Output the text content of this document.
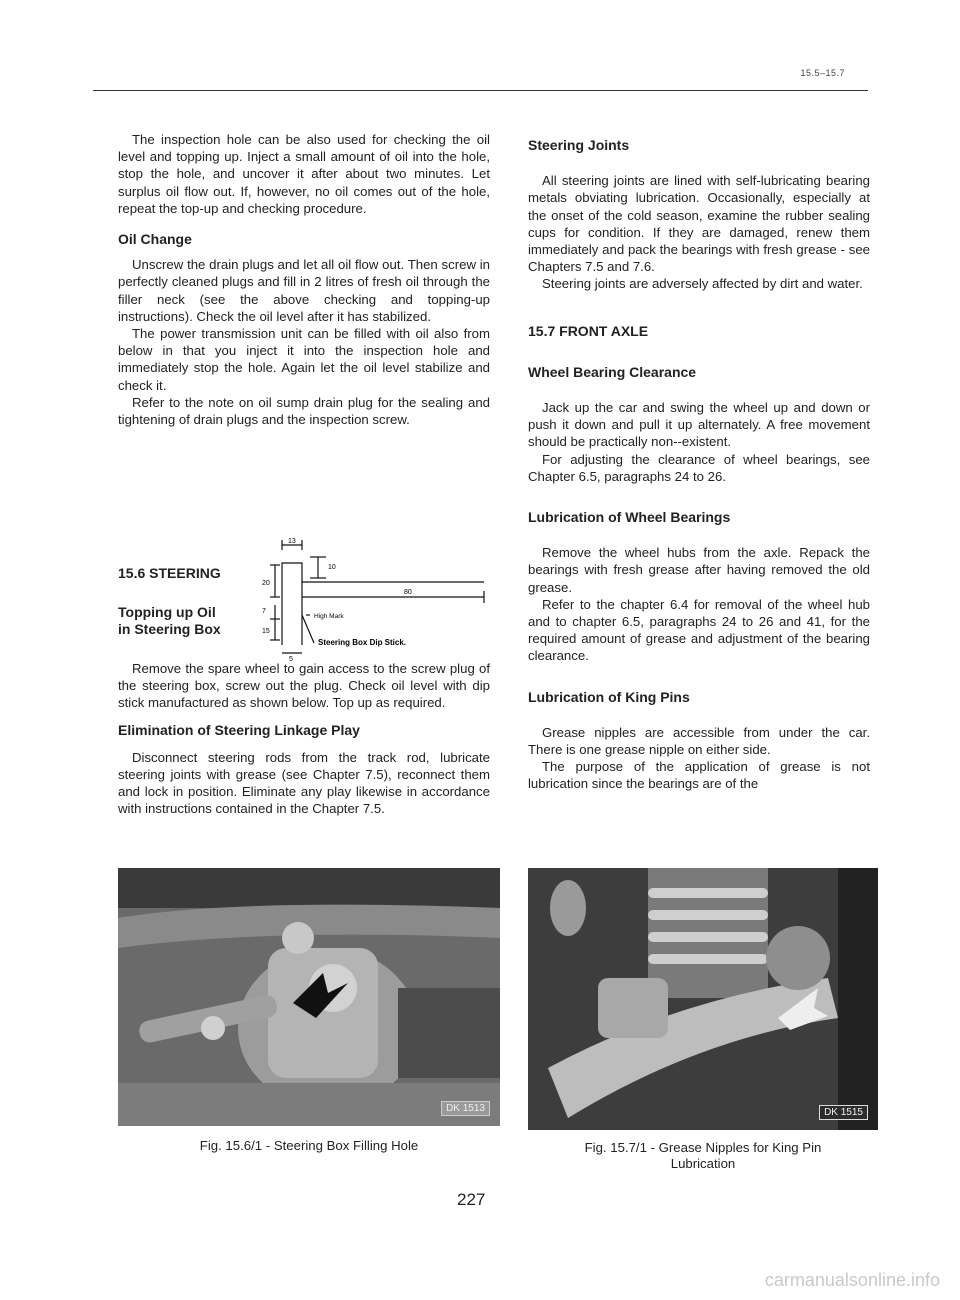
15.5–15.7

The inspection hole can be also used for checking the oil level and topping up. Inject a small amount of oil into the hole, stop the hole, and uncover it after about two minutes. Let surplus oil flow out. If, however, no oil comes out of the hole, repeat the top-up and checking procedure.

Oil Change

Unscrew the drain plugs and let all oil flow out. Then screw in perfectly cleaned plugs and fill in 2 litres of fresh oil through the filler neck (see the above checking and topping-up instructions). Check the oil level after it has stabilized.

The power transmission unit can be filled with oil also from below in that you inject it into the inspection hole and immediately stop the hole. Again let the oil level stabilize and check it.

Refer to the note on oil sump drain plug for the sealing and tightening of drain plugs and the inspection screw.

15.6 STEERING
Topping up Oil
in Steering Box
13
10
20
80
7
15
5
High Mark
Steering Box Dip Stick.

Remove the spare wheel to gain access to the screw plug of the steering box, screw out the plug. Check oil level with dip stick manufactured as shown below. Top up as required.

Elimination of Steering Linkage Play

Disconnect steering rods from the track rod, lubricate steering joints with grease (see Chapter 7.5), reconnect them and lock in position. Eliminate any play likewise in accordance with instructions contained in the Chapter 7.5.

Steering Joints

All steering joints are lined with self-lubricating bearing metals obviating lubrication. Occasionally, especially at the onset of the cold season, examine the rubber sealing cups for condition. If they are damaged, renew them immediately and pack the bearings with fresh grease - see Chapters 7.5 and 7.6.

Steering joints are adversely affected by dirt and water.

15.7 FRONT AXLE
Wheel Bearing Clearance

Jack up the car and swing the wheel up and down or push it down and pull it up alternately. A free movement should be practically non--existent.

For adjusting the clearance of wheel bearings, see Chapter 6.5, paragraphs 24 to 26.

Lubrication of Wheel Bearings

Remove the wheel hubs from the axle. Repack the bearings with fresh grease after having removed the old grease.

Refer to the chapter 6.4 for removal of the wheel hub and to chapter 6.5, paragraphs 24 to 26 and 41, for the required amount of grease and adjustment of the bearing clearance.

Lubrication of King Pins

Grease nipples are accessible from under the car. There is one grease nipple on either side.

The purpose of the application of grease is not lubrication since the bearings are of the

DK 1513
Fig. 15.6/1 - Steering Box Filling Hole
DK 1515
Fig. 15.7/1 - Grease Nipples for King Pin
Lubrication
227
carmanualsonline.info
